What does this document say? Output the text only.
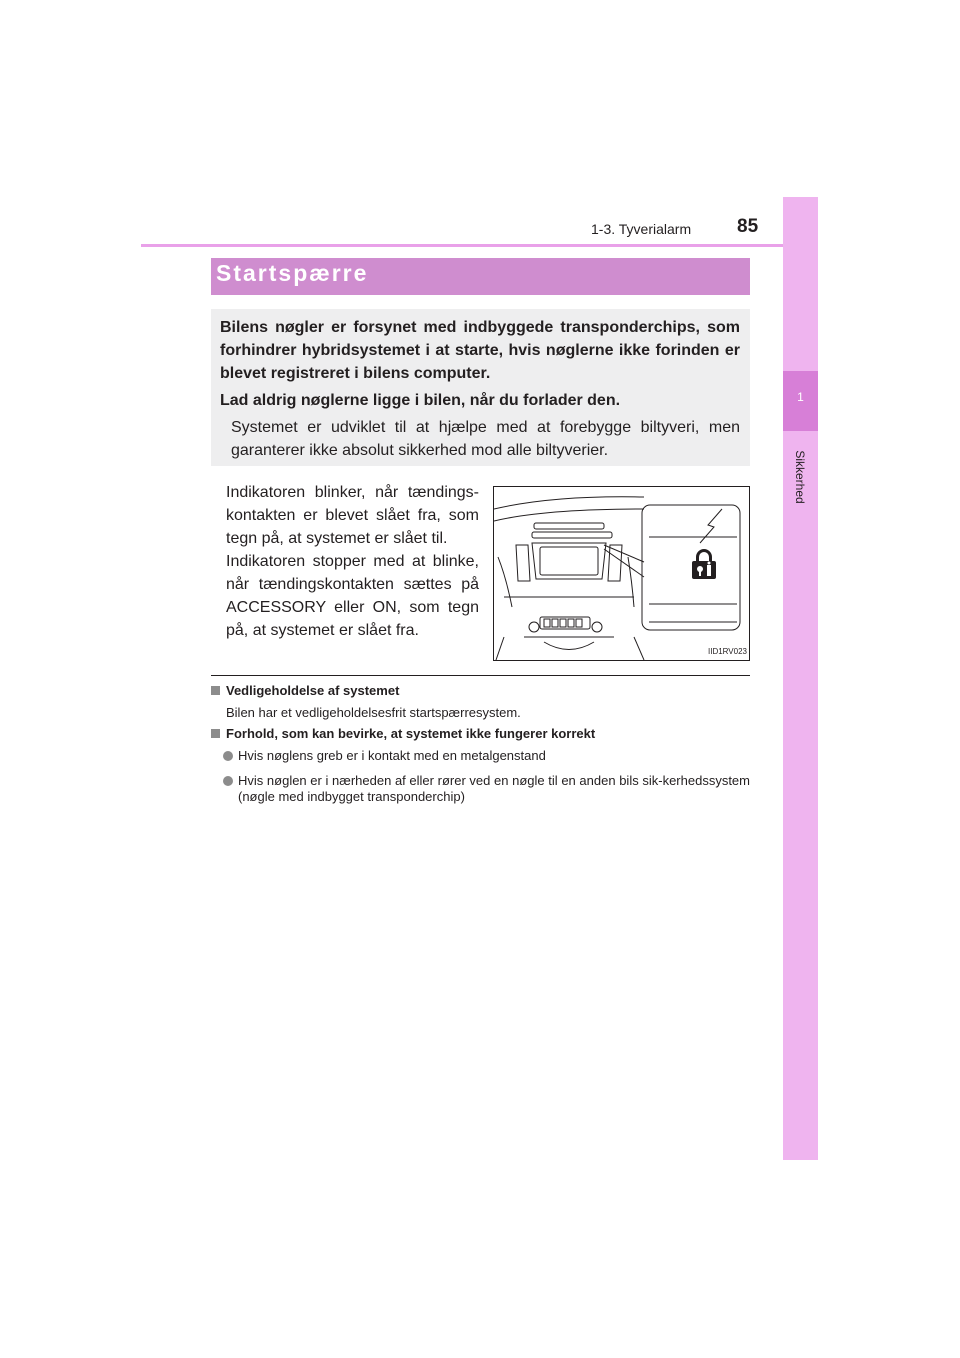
1-3. Tyverialarm 85
1
Sikkerhed
Startspærre
Bilens nøgler er forsynet med indbyggede transponderchips, som forhindrer hybridsystemet i at starte, hvis nøglerne ikke forinden er blevet registreret i bilens computer.
Lad aldrig nøglerne ligge i bilen, når du forlader den.
Systemet er udviklet til at hjælpe med at forebygge biltyveri, men garanterer ikke absolut sikkerhed mod alle biltyverier.

Indikatoren blinker, når tændings-kontakten er blevet slået fra, som tegn på, at systemet er slået til.

Indikatoren stopper med at blinke, når tændingskontakten sættes på ACCESSORY eller ON, som tegn på, at systemet er slået fra.

IID1RV023
Vedligeholdelse af systemet
Bilen har et vedligeholdelsesfrit startspærresystem.
Forhold, som kan bevirke, at systemet ikke fungerer korrekt
Hvis nøglens greb er i kontakt med en metalgenstand
Hvis nøglen er i nærheden af eller rører ved en nøgle til en anden bils sik-kerhedssystem (nøgle med indbygget transponderchip)
